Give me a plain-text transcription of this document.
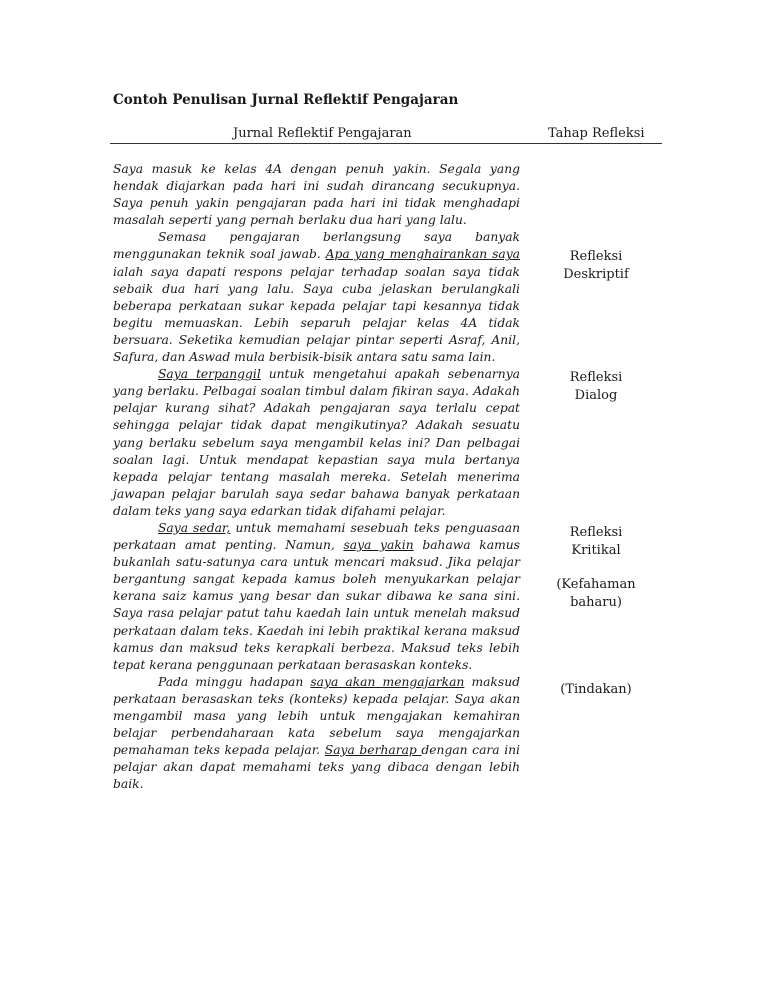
Contoh Penulisan Jurnal Reflektif Pengajaran
Jurnal Reflektif Pengajaran	Tahap Refleksi

Saya masuk ke kelas 4A dengan penuh yakin. Segala yang hendak diajarkan pada hari ini sudah dirancang secukupnya. Saya penuh yakin pengajaran pada hari ini tidak menghadapi masalah seperti yang pernah berlaku dua hari yang lalu.

Semasa pengajaran berlangsung saya banyak menggunakan teknik soal jawab. Apa yang menghairankan saya ialah saya dapati respons pelajar terhadap soalan saya tidak sebaik dua hari yang lalu. Saya cuba jelaskan berulangkali beberapa perkataan sukar kepada pelajar tapi kesannya tidak begitu memuaskan. Lebih separuh pelajar kelas 4A tidak bersuara. Seketika kemudian pelajar pintar seperti Asraf, Anil, Safura, dan Aswad mula berbisik-bisik antara satu sama lain.

Saya terpanggil untuk mengetahui apakah sebenarnya yang berlaku. Pelbagai soalan timbul dalam fikiran saya. Adakah pelajar kurang sihat? Adakah pengajaran saya terlalu cepat sehingga pelajar tidak dapat mengikutinya? Adakah sesuatu yang berlaku sebelum saya mengambil kelas ini? Dan pelbagai soalan lagi. Untuk mendapat kepastian saya mula bertanya kepada pelajar tentang masalah mereka. Setelah menerima jawapan pelajar barulah saya sedar bahawa banyak perkataan dalam teks yang saya edarkan tidak difahami pelajar.

Saya sedar, untuk memahami sesebuah teks penguasaan perkataan amat penting. Namun, saya yakin bahawa kamus bukanlah satu-satunya cara untuk mencari maksud. Jika pelajar bergantung sangat kepada kamus boleh menyukarkan pelajar kerana saiz kamus yang besar dan sukar dibawa ke sana sini. Saya rasa pelajar patut tahu kaedah lain untuk menelah maksud perkataan dalam teks. Kaedah ini lebih praktikal kerana maksud kamus dan maksud teks kerapkali berbeza. Maksud teks lebih tepat kerana penggunaan perkataan berasaskan konteks.

Pada minggu hadapan saya akan mengajarkan maksud perkataan berasaskan teks (konteks) kepada pelajar. Saya akan mengambil masa yang lebih untuk mengajakan kemahiran belajar perbendaharaan kata sebelum saya mengajarkan pemahaman teks kepada pelajar. Saya berharap dengan cara ini pelajar akan dapat memahami teks yang dibaca dengan lebih baik.

Refleksi
Deskriptif
Refleksi
Dialog
Refleksi
Kritikal
(Kefahaman
baharu)
(Tindakan)
